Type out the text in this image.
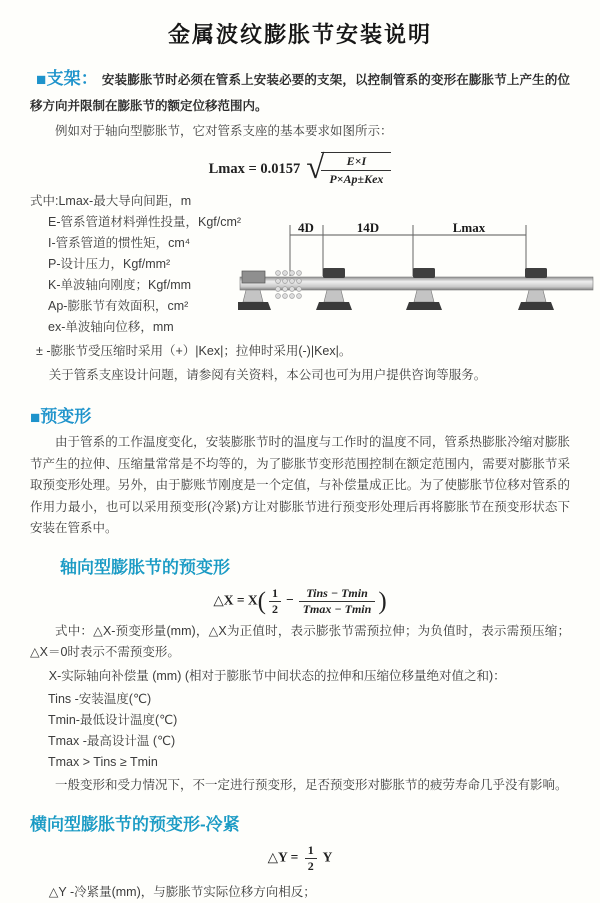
金属波纹膨胀节安装说明

■支架： 安装膨胀节时必须在管系上安装必要的支架，以控制管系的变形在膨胀节上产生的位移方向并限制在膨胀节的额定位移范围内。

例如对于轴向型膨胀节，它对管系支座的基本要求如图所示：

Lmax = 0.0157 √
$\frac{E\times I}{\text{P×Ap±Kex}}$
式中:Lmax-最大导向间距，m
E-管系管道材料弹性投量，Kgf/cm²
I-管系管道的惯性矩，cm⁴
P-设计压力，Kgf/mm²
K-单波轴向刚度；Kgf/mm
Ap-膨胀节有效面积，cm²
ex-单波轴向位移，mm
4D	14D	Lmax

± -膨胀节受压缩时采用（+）|Kex|；拉伸时采用(-)|Kex|。

关于管系支座设计问题，请参阅有关资料，本公司也可为用户提供咨询等服务。

■预变形

由于管系的工作温度变化，安装膨胀节时的温度与工作时的温度不同，管系热膨胀冷缩对膨胀节产生的拉伸、压缩量常常是不均等的，为了膨胀节变形范围控制在额定范围内，需要对膨胀节采取预变形处理。另外，由于膨账节刚度是一个定值，与补偿量成正比。为了使膨胀节位移对管系的作用力最小，也可以采用预变形(冷紧)方让对膨胀节进行预变形处理后再将膨胀节在预变形状态下安装在管系中。

轴向型膨胀节的预变形
△X = $X( \frac{1}{2} - \frac{\text{Tins − Tmin}}{Tmax - Tmin}$ )

式中：△X-预变形量(mm)，△X为正值时，表示膨张节需预拉伸；为负值时，表示需预压缩；△X＝0时表示不需预变形。

X-实际轴向补偿量 (mm) (相对于膨胀节中间状态的拉伸和压缩位移量绝对值之和)：

Tins -安装温度(℃)
Tmin-最低设计温度(℃)
Tmax -最高设计温 (℃)
Tmax > Tins ≥ Tmin

一般变形和受力情况下，不一定进行预变形，足否预变形对膨胀节的疲劳寿命几乎没有影响。

横向型膨胀节的预变形-冷紧
△Y = $\frac{1}{2}$ Y

△Y -冷紧量(mm)，与膨胀节实际位移方向相反；
